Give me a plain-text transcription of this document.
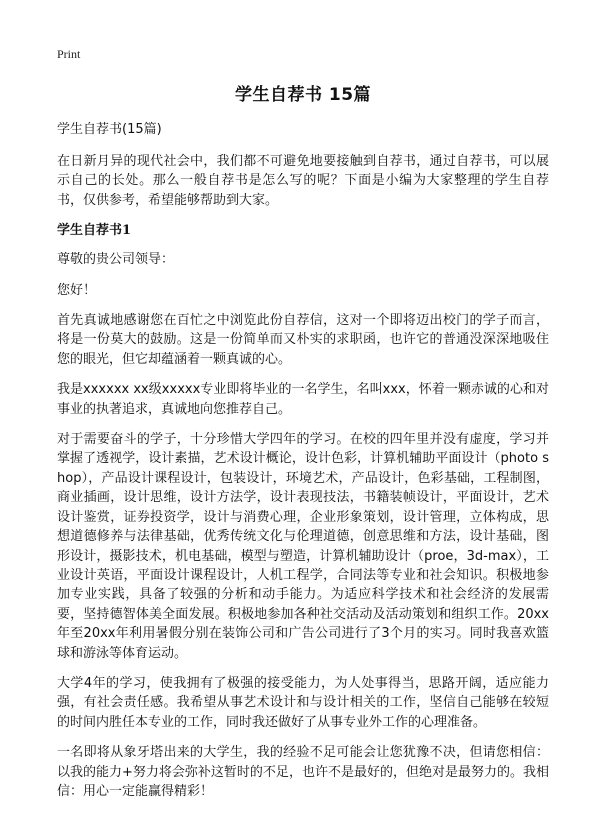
Print
学生自荐书 15篇

学生自荐书(15篇)

在日新月异的现代社会中，我们都不可避免地要接触到自荐书，通过自荐书，可以展示自己的长处。那么一般自荐书是怎么写的呢？下面是小编为大家整理的学生自荐书，仅供参考，希望能够帮助到大家。

学生自荐书1

尊敬的贵公司领导：

您好！

首先真诚地感谢您在百忙之中浏览此份自荐信，这对一个即将迈出校门的学子而言，将是一份莫大的鼓励。这是一份简单而又朴实的求职函，也许它的普通没深深地吸住您的眼光，但它却蕴涵着一颗真诚的心。

我是xxxxxx xx级xxxxx专业即将毕业的一名学生，名叫xxx，怀着一颗赤诚的心和对事业的执著追求，真诚地向您推荐自己。

对于需要奋斗的学子，十分珍惜大学四年的学习。在校的四年里并没有虚度，学习并掌握了透视学，设计素描，艺术设计概论，设计色彩，计算机辅助平面设计（photo shop），产品设计课程设计，包装设计，环境艺术，产品设计，色彩基础，工程制图，商业插画，设计思维，设计方法学，设计表现技法，书籍装帧设计，平面设计，艺术设计鉴赏，证券投资学，设计与消费心理，企业形象策划，设计管理，立体构成，思想道德修养与法律基础，优秀传统文化与伦理道德，创意思维和方法，设计基础，图形设计，摄影技术，机电基础，模型与塑造，计算机辅助设计（proe，3d-max），工业设计英语，平面设计课程设计，人机工程学，合同法等专业和社会知识。积极地参加专业实践，具备了较强的分析和动手能力。为适应科学技术和社会经济的发展需要，坚持德智体美全面发展。积极地参加各种社交活动及活动策划和组织工作。20xx年至20xx年利用暑假分别在装饰公司和广告公司进行了3个月的实习。同时我喜欢篮球和游泳等体育运动。

大学4年的学习，使我拥有了极强的接受能力，为人处事得当，思路开阔，适应能力强，有社会责任感。我希望从事艺术设计和与设计相关的工作，坚信自己能够在较短的时间内胜任本专业的工作，同时我还做好了从事专业外工作的心理准备。

一名即将从象牙塔出来的大学生，我的经验不足可能会让您犹豫不决，但请您相信：以我的能力+努力将会弥补这暂时的不足，也许不是最好的，但绝对是最努力的。我相信：用心一定能赢得精彩！
